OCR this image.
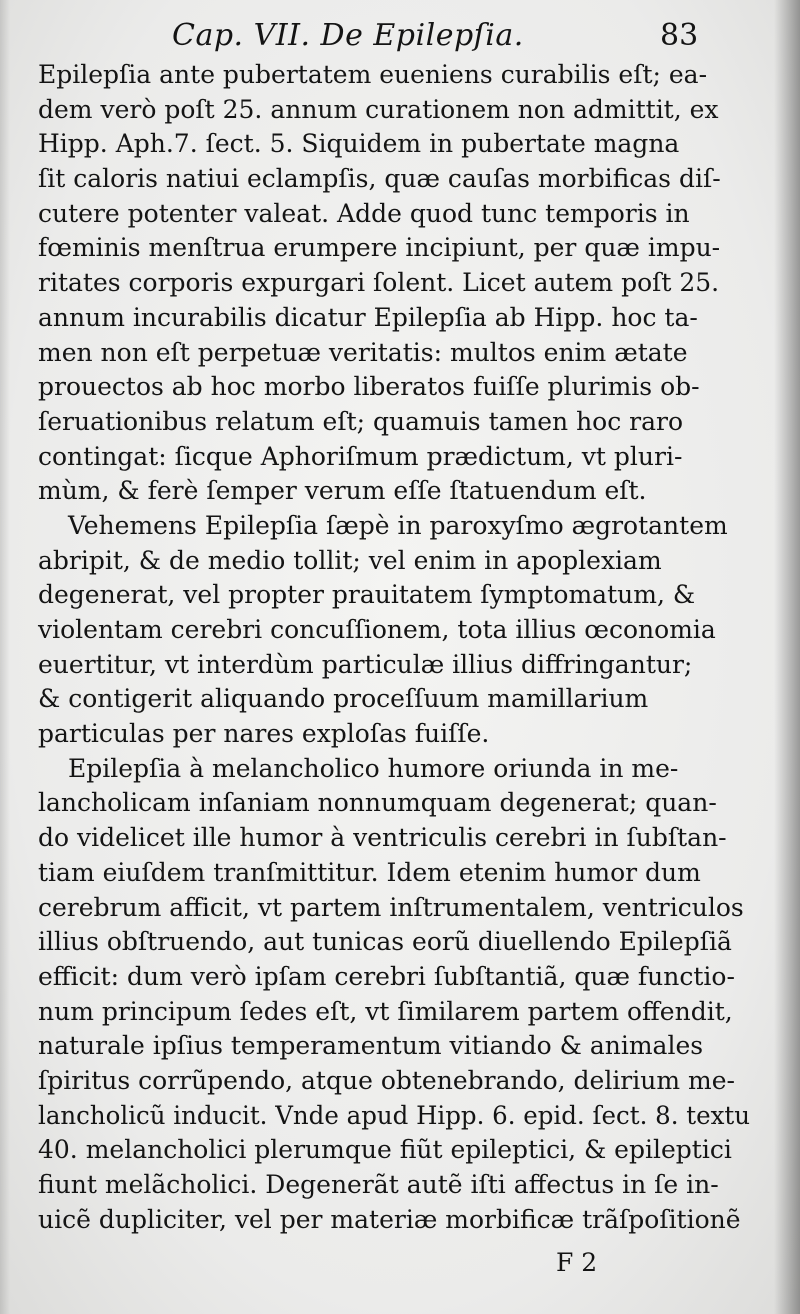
Cap. VII. De Epilepſia.	83
Epilepſia ante pubertatem eueniens curabilis eſt; ea-
dem verò poſt 25. annum curationem non admittit, ex
Hipp. Aph.7. ſect. 5. Siquidem in pubertate magna
ſit caloris natiui eclampſis, quæ cauſas morbificas diſ-
cutere potenter valeat. Adde quod tunc temporis in
fœminis menſtrua erumpere incipiunt, per quæ impu-
ritates corporis expurgari ſolent. Licet autem poſt 25.
annum incurabilis dicatur Epilepſia ab Hipp. hoc ta-
men non eſt perpetuæ veritatis: multos enim ætate
prouectos ab hoc morbo liberatos fuiſſe plurimis ob-
ſeruationibus relatum eſt; quamuis tamen hoc raro
contingat: ſicque Aphoriſmum prædictum, vt pluri-
mùm, & ferè ſemper verum eſſe ſtatuendum eſt.
Vehemens Epilepſia ſæpè in paroxyſmo ægrotantem
abripit, & de medio tollit; vel enim in apoplexiam
degenerat, vel propter prauitatem ſymptomatum, &
violentam cerebri concuſſionem, tota illius œconomia
euertitur, vt interdùm particulæ illius diffringantur;
& contigerit aliquando proceſſuum mamillarium
particulas per nares exploſas fuiſſe.
Epilepſia à melancholico humore oriunda in me-
lancholicam inſaniam nonnumquam degenerat; quan-
do videlicet ille humor à ventriculis cerebri in ſubſtan-
tiam eiuſdem tranſmittitur. Idem etenim humor dum
cerebrum afficit, vt partem inſtrumentalem, ventriculos
illius obſtruendo, aut tunicas eorũ diuellendo Epilepſiã
efficit: dum verò ipſam cerebri ſubſtantiã, quæ functio-
num principum ſedes eſt, vt ſimilarem partem offendit,
naturale ipſius temperamentum vitiando & animales
ſpiritus corrũpendo, atque obtenebrando, delirium me-
lancholicũ inducit. Vnde apud Hipp. 6. epid. ſect. 8. textu
40. melancholici plerumque fiũt epileptici, & epileptici
fiunt melãcholici. Degenerãt autẽ iſti affectus in ſe in-
uicẽ dupliciter, vel per materiæ morbificæ trãſpoſitionẽ
F 2
